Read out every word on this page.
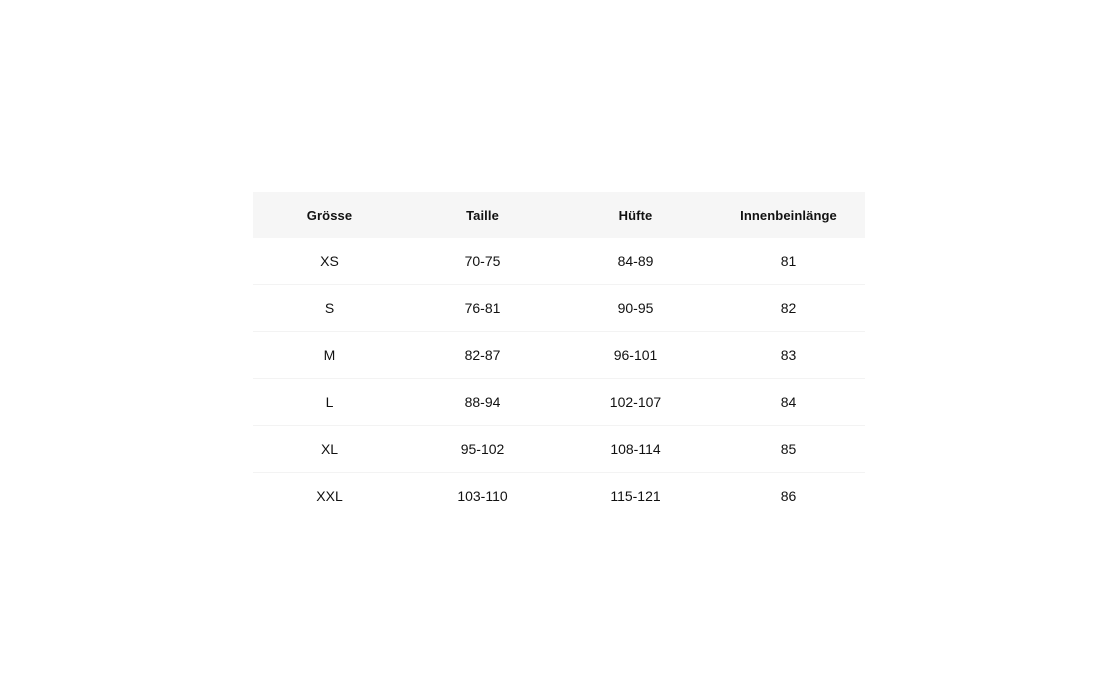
Grösse	Taille	Hüfte	Innenbeinlänge
XS	70-75	84-89	81
S	76-81	90-95	82
M	82-87	96-101	83
L	88-94	102-107	84
XL	95-102	108-114	85
XXL	103-110	115-121	86
